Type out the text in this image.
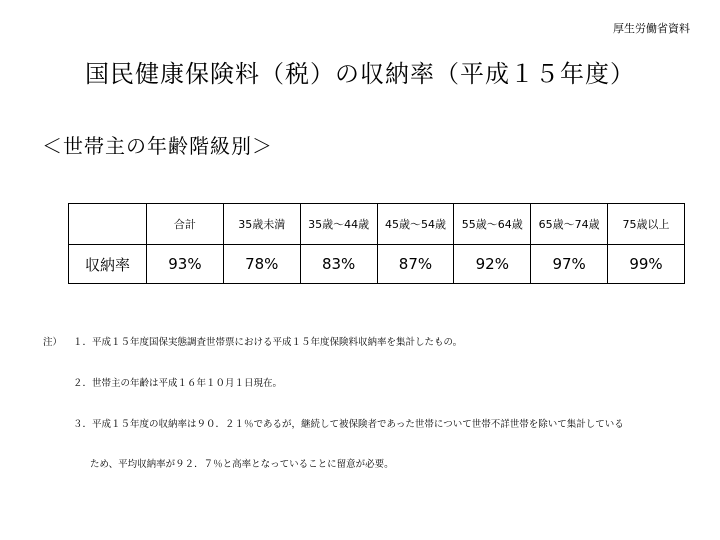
厚生労働省資料
国民健康保険料（税）の収納率（平成１５年度）
＜世帯主の年齢階級別＞
	合計	35歳未満	35歳～44歳	45歳～54歳	55歳～64歳	65歳～74歳	75歳以上
収納率	93%	78%	83%	87%	92%	97%	99%
注） １．平成１５年度国保実態調査世帯票における平成１５年度保険料収納率を集計したもの。
２．世帯主の年齢は平成１６年１０月１日現在。
３．平成１５年度の収納率は９０．２１％であるが，継続して被保険者であった世帯について世帯不詳世帯を除いて集計している
ため、平均収納率が９２．７％と高率となっていることに留意が必要。
